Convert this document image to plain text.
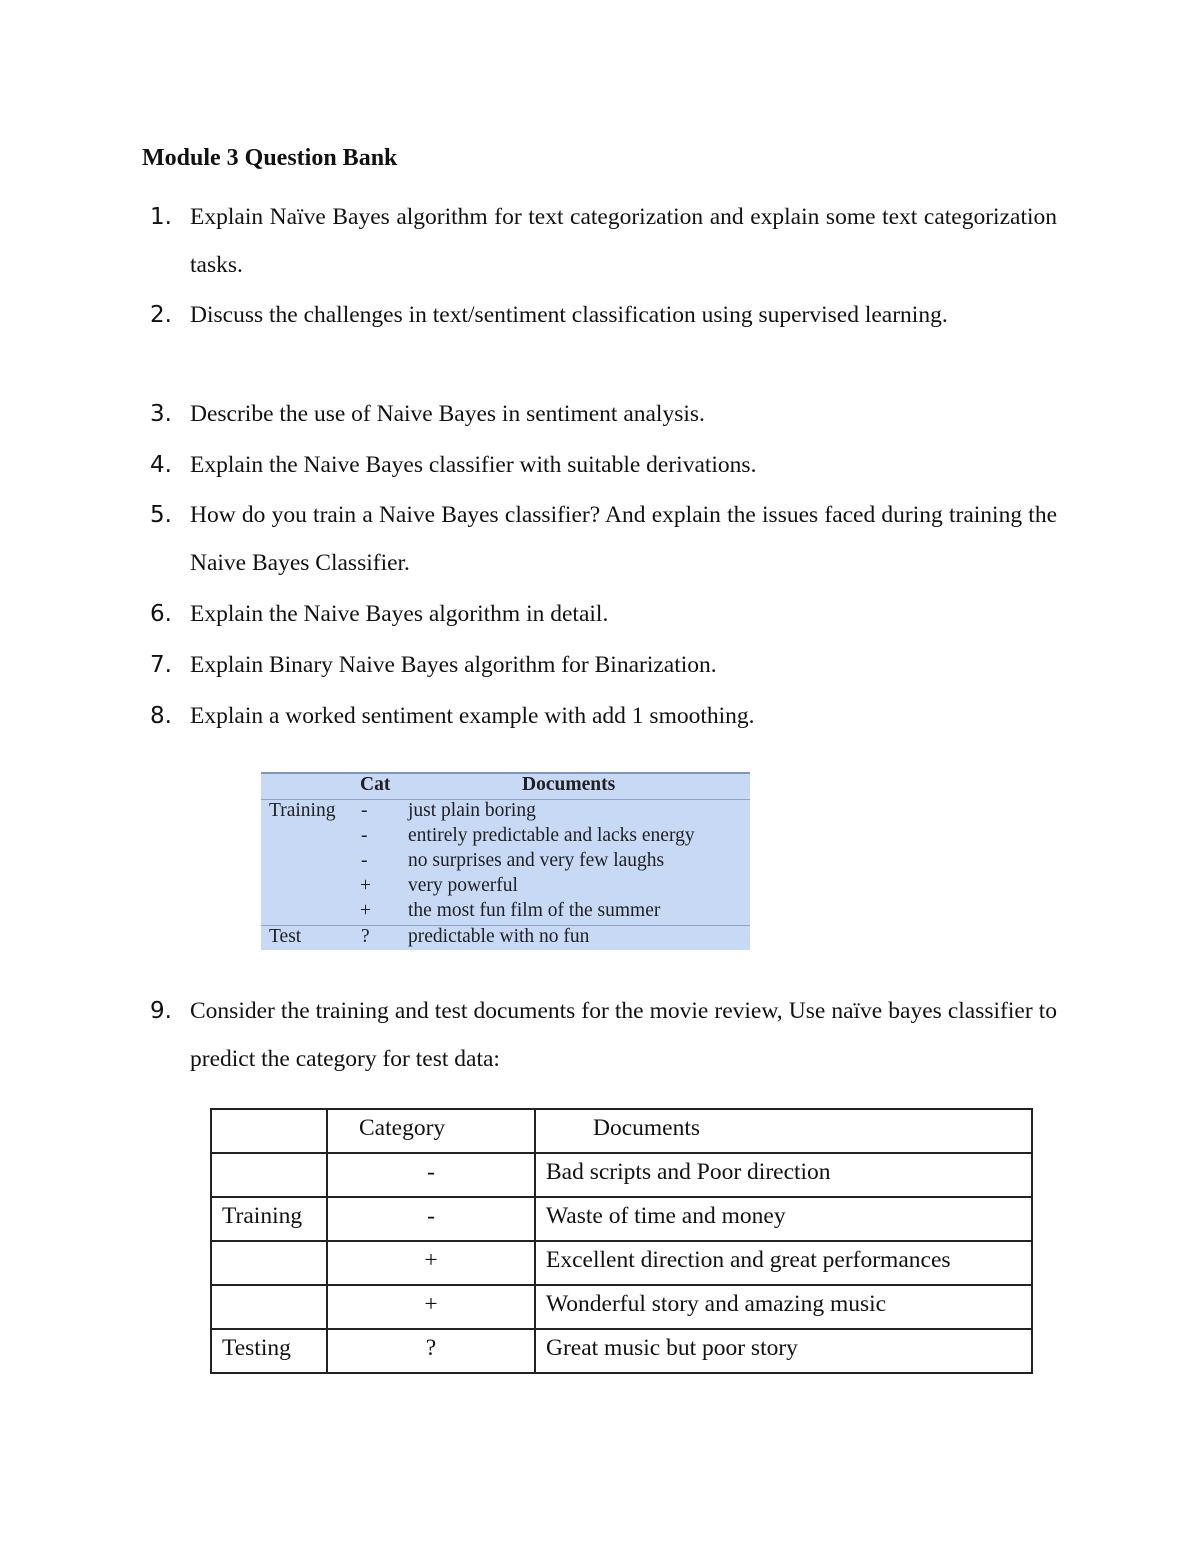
Module 3 Question Bank
1. Explain Naïve Bayes algorithm for text categorization and explain some text categorization tasks.
2. Discuss the challenges in text/sentiment classification using supervised learning.
3. Describe the use of Naive Bayes in sentiment analysis.
4. Explain the Naive Bayes classifier with suitable derivations.
5. How do you train a Naive Bayes classifier? And explain the issues faced during training the Naive Bayes Classifier.
6. Explain the Naive Bayes algorithm in detail.
7. Explain Binary Naive Bayes algorithm for Binarization.
8. Explain a worked sentiment example with add 1 smoothing.
Cat	Documents
Training - just plain boring
- entirely predictable and lacks energy
- no surprises and very few laughs
+ very powerful
+ the most fun film of the summer
Test	? predictable with no fun
9. Consider the training and test documents for the movie review, Use naïve bayes classifier to predict the category for test data:
	Category	Documents
	-	Bad scripts and Poor direction
Training	-	Waste of time and money
	+	Excellent direction and great performances
	+	Wonderful story and amazing music
Testing	?	Great music but poor story
